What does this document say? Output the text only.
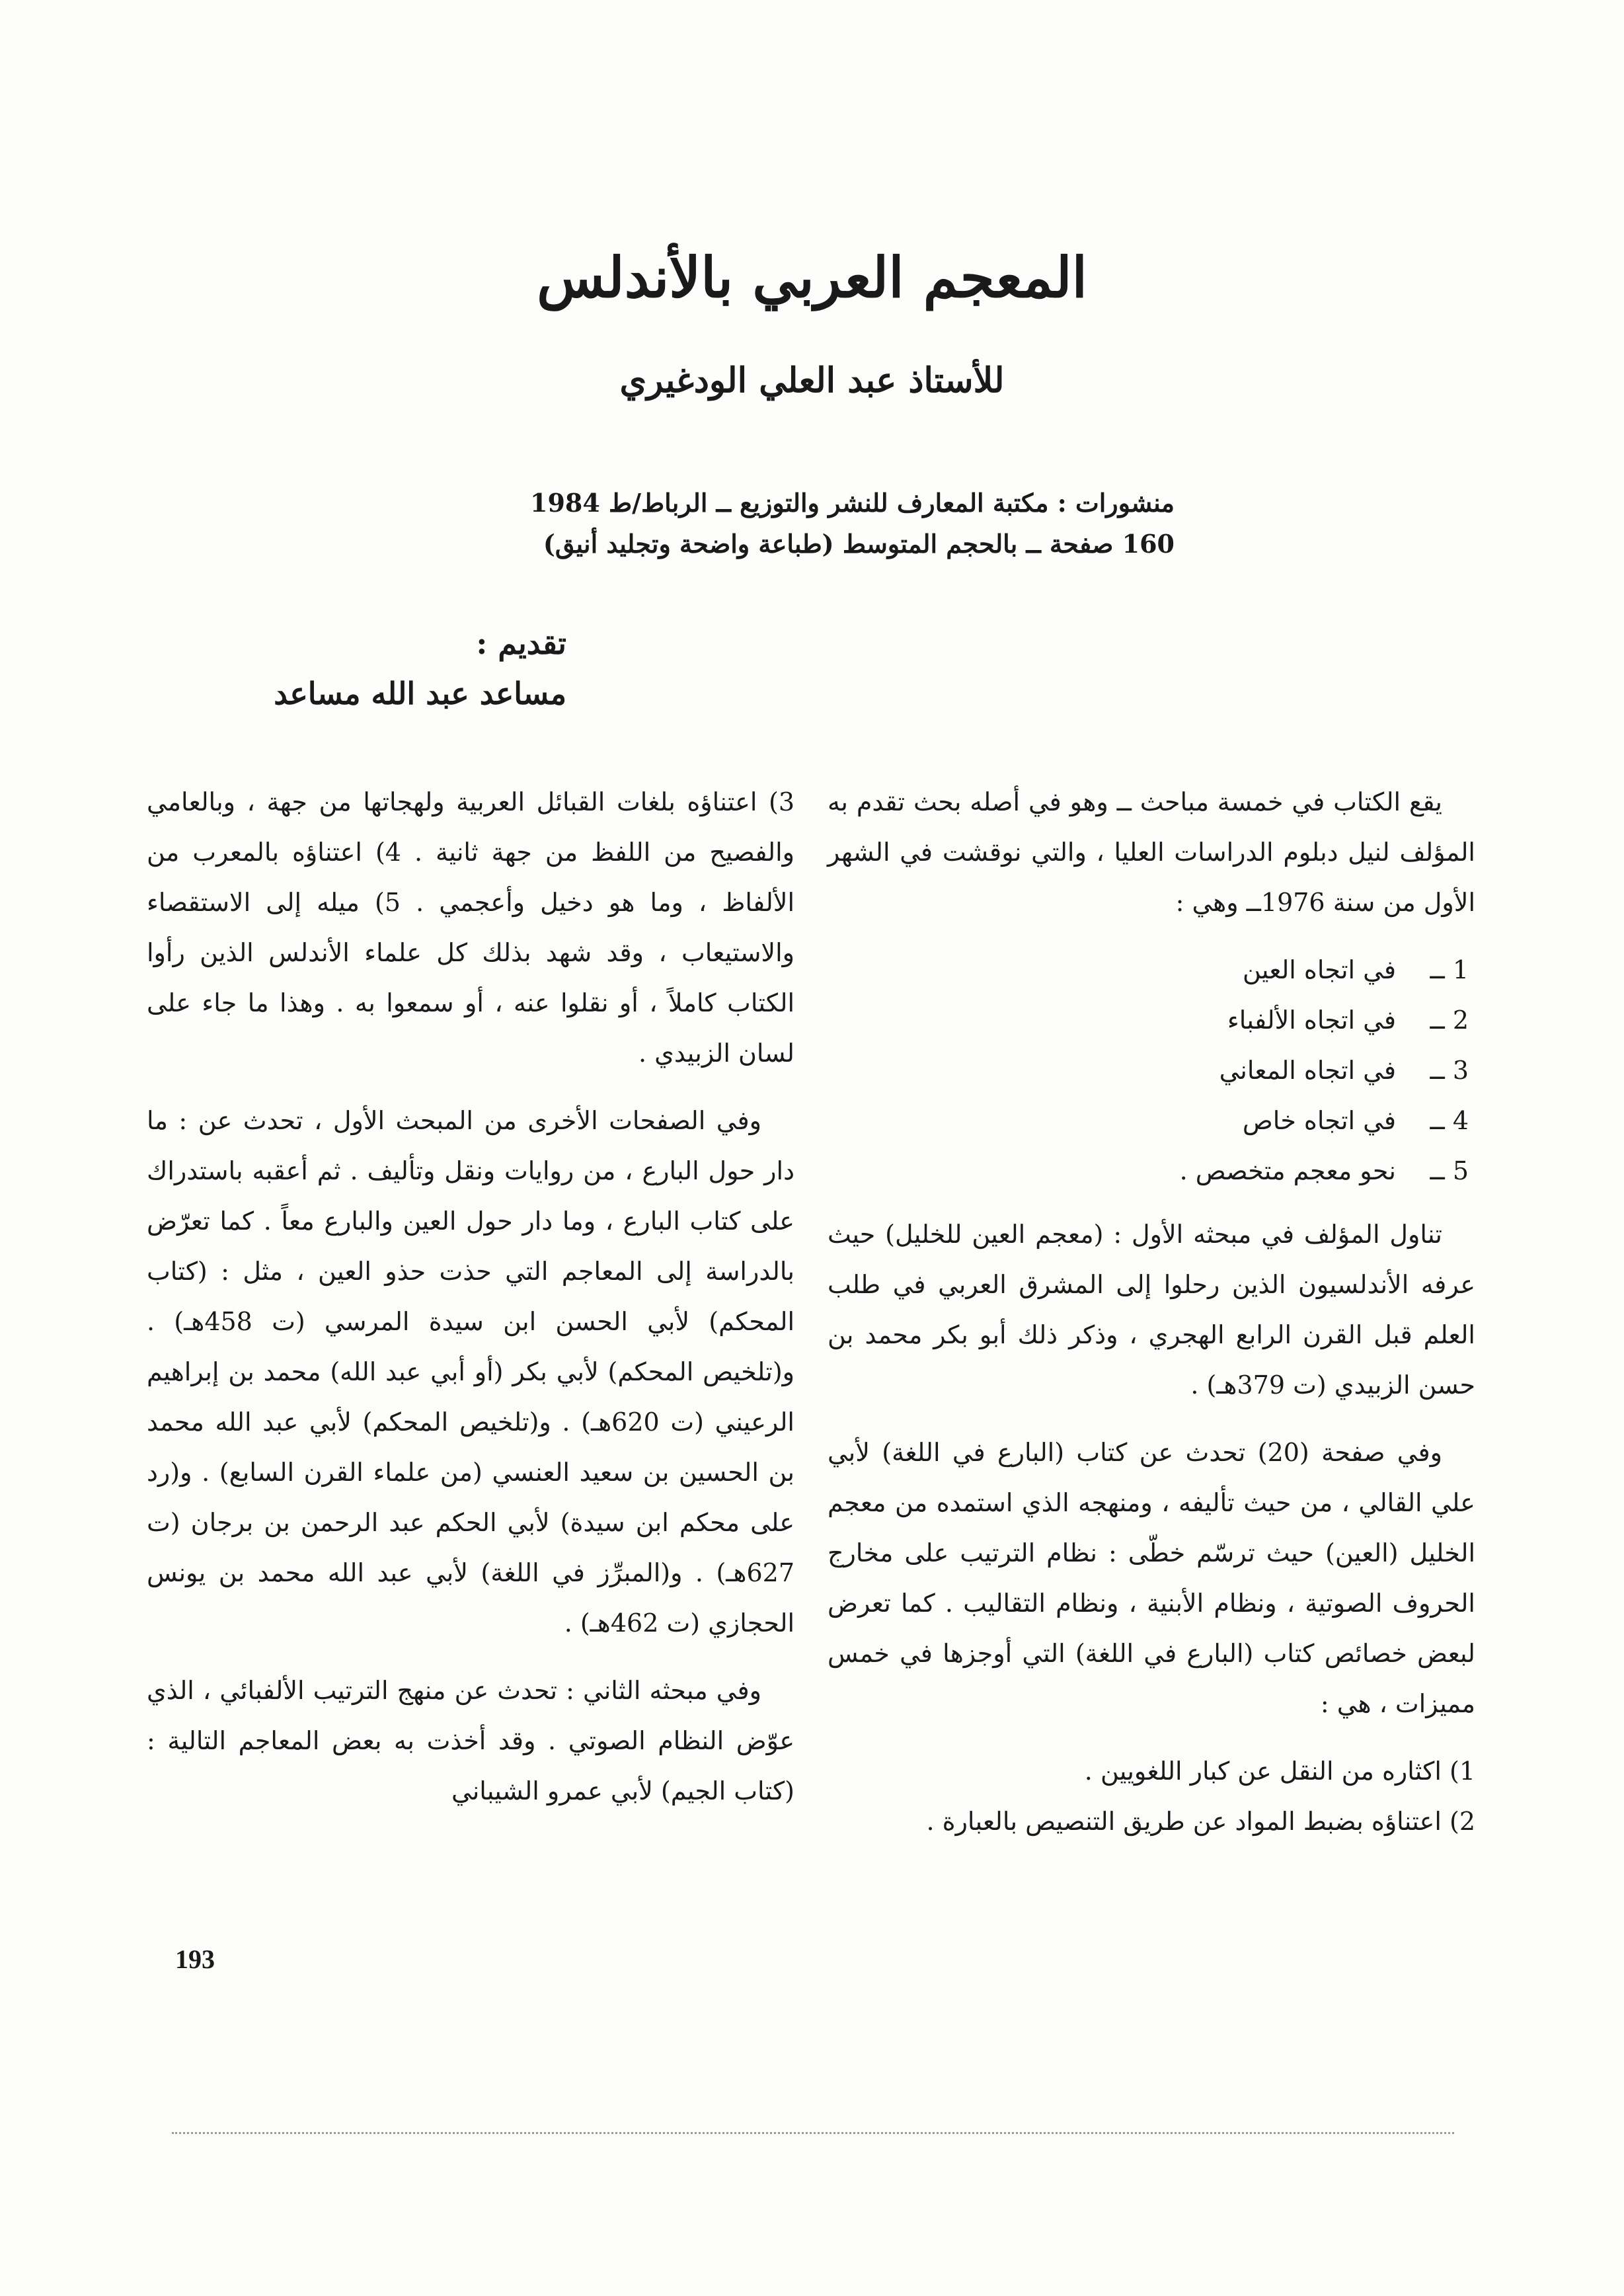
المعجم العربي بالأندلس
للأستاذ عبد العلي الودغيري
منشورات : مكتبة المعارف للنشر والتوزيع ــ الرباط/ط 1984
160 صفحة ــ بالحجم المتوسط (طباعة واضحة وتجليد أنيق)
تقديم :
مساعد عبد الله مساعد

يقع الكتاب في خمسة مباحث ــ وهو في أصله بحث تقدم به المؤلف لنيل دبلوم الدراسات العليا ، والتي نوقشت في الشهر الأول من سنة 1976ــ وهي :

1 ــفي اتجاه العين
2 ــفي اتجاه الألفباء
3 ــفي اتجاه المعاني
4 ــفي اتجاه خاص
5 ــنحو معجم متخصص .

تناول المؤلف في مبحثه الأول : (معجم العين للخليل) حيث عرفه الأندلسيون الذين رحلوا إلى المشرق العربي في طلب العلم قبل القرن الرابع الهجري ، وذكر ذلك أبو بكر محمد بن حسن الزبيدي (ت 379هـ) .

وفي صفحة (20) تحدث عن كتاب (البارع في اللغة) لأبي علي القالي ، من حيث تأليفه ، ومنهجه الذي استمده من معجم الخليل (العين) حيث ترسّم خطّى : نظام الترتيب على مخارج الحروف الصوتية ، ونظام الأبنية ، ونظام التقاليب . كما تعرض لبعض خصائص كتاب (البارع في اللغة) التي أوجزها في خمس مميزات ، هي :

1) اكثاره من النقل عن كبار اللغويين .

2) اعتناؤه بضبط المواد عن طريق التنصيص بالعبارة .

3) اعتناؤه بلغات القبائل العربية ولهجاتها من جهة ، وبالعامي والفصيح من اللفظ من جهة ثانية . 4) اعتناؤه بالمعرب من الألفاظ ، وما هو دخيل وأعجمي . 5) ميله إلى الاستقصاء والاستيعاب ، وقد شهد بذلك كل علماء الأندلس الذين رأوا الكتاب كاملاً ، أو نقلوا عنه ، أو سمعوا به . وهذا ما جاء على لسان الزبيدي .

وفي الصفحات الأخرى من المبحث الأول ، تحدث عن : ما دار حول البارع ، من روايات ونقل وتأليف . ثم أعقبه باستدراك على كتاب البارع ، وما دار حول العين والبارع معاً . كما تعرّض بالدراسة إلى المعاجم التي حذت حذو العين ، مثل : (كتاب المحكم) لأبي الحسن ابن سيدة المرسي (ت 458هـ) . و(تلخيص المحكم) لأبي بكر (أو أبي عبد الله) محمد بن إبراهيم الرعيني (ت 620هـ) . و(تلخيص المحكم) لأبي عبد الله محمد بن الحسين بن سعيد العنسي (من علماء القرن السابع) . و(رد على محكم ابن سيدة) لأبي الحكم عبد الرحمن بن برجان (ت 627هـ) . و(المبرِّز في اللغة) لأبي عبد الله محمد بن يونس الحجازي (ت 462هـ) .

وفي مبحثه الثاني : تحدث عن منهج الترتيب الألفبائي ، الذي عوّض النظام الصوتي . وقد أخذت به بعض المعاجم التالية : (كتاب الجيم) لأبي عمرو الشيباني

193
